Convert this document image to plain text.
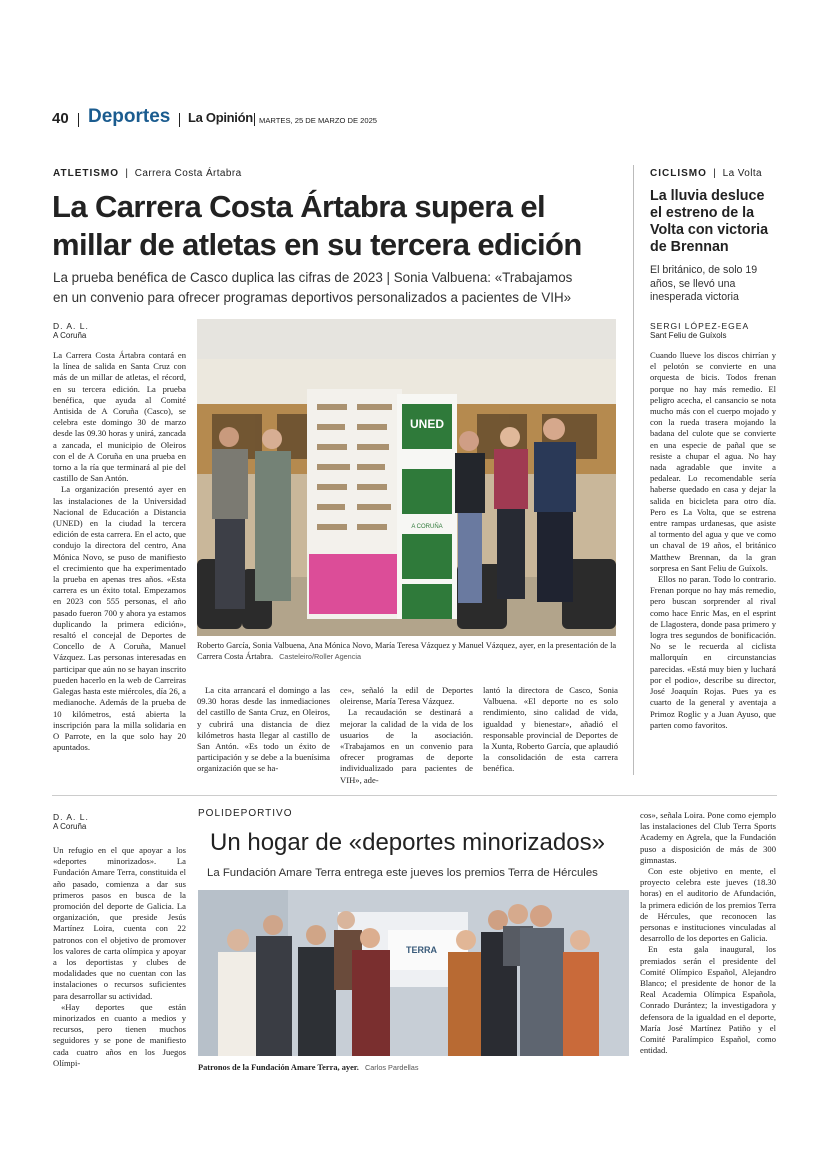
40 Deportes La Opinión MARTES, 25 DE MARZO DE 2025
ATLETISMO  |  Carrera Costa Ártabra
La Carrera Costa Ártabra supera el
millar de atletas en su tercera edición
La prueba benéfica de Casco duplica las cifras de 2023 | Sonia Valbuena: «Trabajamos
en un convenio para ofrecer programas deportivos personalizados a pacientes de VIH»
D. A. L.
A Coruña
La Carrera Costa Ártabra contará en la línea de salida en Santa Cruz con más de un millar de atletas, el récord, en su tercera edición. La prueba benéfica, que ayuda al Comité Antisida de A Coruña (Casco), se celebra este domingo 30 de marzo desde las 09.30 horas y unirá, zancada a zancada, el municipio de Oleiros con el de A Coruña en una prueba en torno a la ría que terminará al pie del castillo de San Antón.
La organización presentó ayer en las instalaciones de la Universidad Nacional de Educación a Distancia (UNED) en la ciudad la tercera edición de esta carrera. En el acto, que condujo la directora del centro, Ana Mónica Novo, se puso de manifiesto el crecimiento que ha experimentado la prueba en apenas tres años. «Esta carrera es un éxito total. Empezamos en 2023 con 555 personas, el año pasado fueron 700 y ahora ya estamos duplicando la primera edición», resaltó el concejal de Deportes de Concello de A Coruña, Manuel Vázquez. Las personas interesadas en participar que aún no se hayan inscrito pueden hacerlo en la web de Carreiras Galegas hasta este miércoles, día 26, a medianoche. Además de la prueba de 10 kilómetros, está abierta la inscripción para la milla solidaria en O Parrote, en la que solo hay 20 apuntados.
UNED
A CORUÑA
Roberto García, Sonia Valbuena, Ana Mónica Novo, María Teresa Vázquez y Manuel Vázquez, ayer, en la presentación de la Carrera Costa Ártabra. Casteleiro/Roller Agencia
La cita arrancará el domingo a las 09.30 horas desde las inmediaciones del castillo de Santa Cruz, en Oleiros, y cubrirá una distancia de diez kilómetros hasta llegar al castillo de San Antón. «Es todo un éxito de participación y se debe a la buenísima organización que se ha-
ce», señaló la edil de Deportes oleirense, María Teresa Vázquez.
La recaudación se destinará a mejorar la calidad de la vida de los usuarios de la asociación. «Trabajamos en un convenio para ofrecer programas de deporte individualizado para pacientes de VIH», ade-
lantó la directora de Casco, Sonia Valbuena. «El deporte no es solo rendimiento, sino calidad de vida, igualdad y bienestar», añadió el responsable provincial de Deportes de la Xunta, Roberto García, que aplaudió la consolidación de esta carrera benéfica.
CICLISMO  |  La Volta
La lluvia desluce el estreno de la Volta con victoria de Brennan
El británico, de solo 19 años, se llevó una inesperada victoria
SERGI LÓPEZ-EGEA
Sant Feliu de Guíxols
Cuando llueve los discos chirrían y el pelotón se convierte en una orquesta de bicis. Todos frenan porque no hay más remedio. El peligro acecha, el cansancio se nota mucho más con el cuerpo mojado y con la rueda trasera mojando la badana del culote que se convierte en una especie de pañal que se resiste a chupar el agua. No hay nada agradable que invite a pedalear. Lo recomendable sería haberse quedado en casa y dejar la salida en bicicleta para otro día. Pero es La Volta, que se estrena entre rampas urdanesas, que asiste al tormento del agua y que ve como un chaval de 19 años, el británico Matthew Brennan, da la gran sorpresa en Sant Feliu de Guíxols.
Ellos no paran. Todo lo contrario. Frenan porque no hay más remedio, pero buscan sorprender al rival como hace Enric Mas, en el esprint de Llagostera, donde pasa primero y logra tres segundos de bonificación. No se le recuerda al ciclista mallorquín en circunstancias parecidas. «Está muy bien y luchará por el podio», describe su director, José Joaquín Rojas. Pues ya es cuarto de la general y aventaja a Primoz Roglic y a Juan Ayuso, que parten como favoritos.
D. A. L.
A Coruña
Un refugio en el que apoyar a los «deportes minorizados». La Fundación Amare Terra, constituida el año pasado, comienza a dar sus primeros pasos en busca de la promoción del deporte de Galicia. La organización, que preside Jesús Martínez Loira, cuenta con 22 patronos con el objetivo de promover los valores de carta olímpica y apoyar a los deportistas y clubes de modalidades que no cuentan con las instalaciones o recursos suficientes para desarrollar su actividad.
«Hay deportes que están minorizados en cuanto a medios y recursos, pero tienen muchos seguidores y se pone de manifiesto cada cuatro años en los Juegos Olímpi-
POLIDEPORTIVO
Un hogar de «deportes minorizados»
La Fundación Amare Terra entrega este jueves los premios Terra de Hércules
TERRA
Patronos de la Fundación Amare Terra, ayer. Carlos Pardellas
cos», señala Loira. Pone como ejemplo las instalaciones del Club Terra Sports Academy en Agrela, que la Fundación puso a disposición de más de 300 gimnastas.
Con este objetivo en mente, el proyecto celebra este jueves (18.30 horas) en el auditorio de Afundación, la primera edición de los premios Terra de Hércules, que reconocen las personas e instituciones vinculadas al desarrollo de los deportes en Galicia.
En esta gala inaugural, los premiados serán el presidente del Comité Olímpico Español, Alejandro Blanco; el presidente de honor de la Real Academia Olímpica Española, Conrado Durántez; la investigadora y defensora de la igualdad en el deporte, María José Martínez Patiño y el Comité Paralímpico Español, como entidad.
